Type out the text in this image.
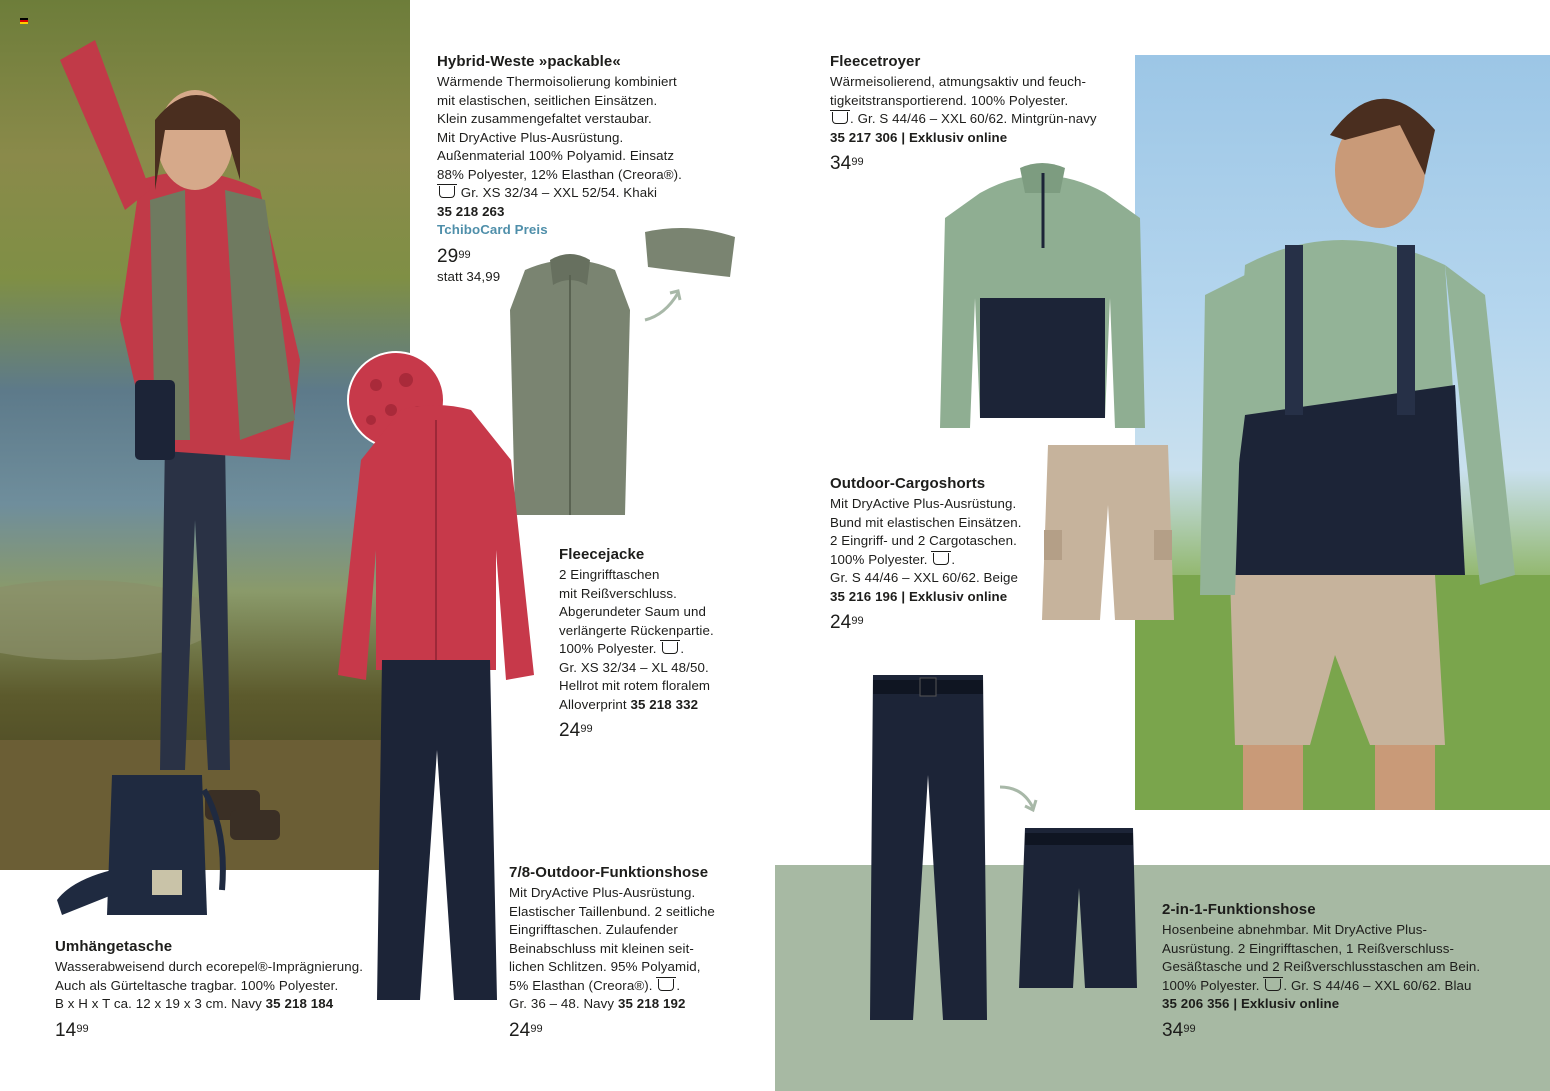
Hybrid-Weste »packable«
Wärmende Thermoisolierung kombiniert
mit elastischen, seitlichen Einsätzen.
Klein zusammengefaltet verstaubar.
Mit DryActive Plus-Ausrüstung.
Außenmaterial 100% Polyamid. Einsatz
88% Polyester, 12% Elasthan (Creora®).
Gr. XS 32/34 – XXL 52/54. Khaki
35 218 263
TchiboCard Preis
$29^{99}$
statt 34,99
Fleecetroyer
Wärmeisolierend, atmungsaktiv und feuch-
tigkeitstransportierend. 100% Polyester.
. Gr. S 44/46 – XXL 60/62. Mintgrün-navy
35 217 306 | Exklusiv online
$34^{99}$
Fleecejacke
2 Eingrifftaschen
mit Reißverschluss.
Abgerundeter Saum und
verlängerte Rückenpartie.
100% Polyester. .
Gr. XS 32/34 – XL 48/50.
Hellrot mit rotem floralem
Alloverprint 35 218 332
$24^{99}$
Outdoor-Cargoshorts
Mit DryActive Plus-Ausrüstung.
Bund mit elastischen Einsätzen.
2 Eingriff- und 2 Cargotaschen.
100% Polyester. .
Gr. S 44/46 – XXL 60/62. Beige
35 216 196 | Exklusiv online
$24^{99}$
7/8-Outdoor-Funktionshose
Mit DryActive Plus-Ausrüstung.
Elastischer Taillenbund. 2 seitliche
Eingrifftaschen. Zulaufender
Beinabschluss mit kleinen seit-
lichen Schlitzen. 95% Polyamid,
5% Elasthan (Creora®). .
Gr. 36 – 48. Navy 35 218 192
$24^{99}$
Umhängetasche
Wasserabweisend durch ecorepel®-Imprägnierung.
Auch als Gürteltasche tragbar. 100% Polyester.
B x H x T ca. 12 x 19 x 3 cm. Navy 35 218 184
$14^{99}$
2-in-1-Funktionshose
Hosenbeine abnehmbar. Mit DryActive Plus-
Ausrüstung. 2 Eingrifftaschen, 1 Reißverschluss-
Gesäßtasche und 2 Reißverschlusstaschen am Bein.
100% Polyester. . Gr. S 44/46 – XXL 60/62. Blau
35 206 356 | Exklusiv online
$34^{99}$
